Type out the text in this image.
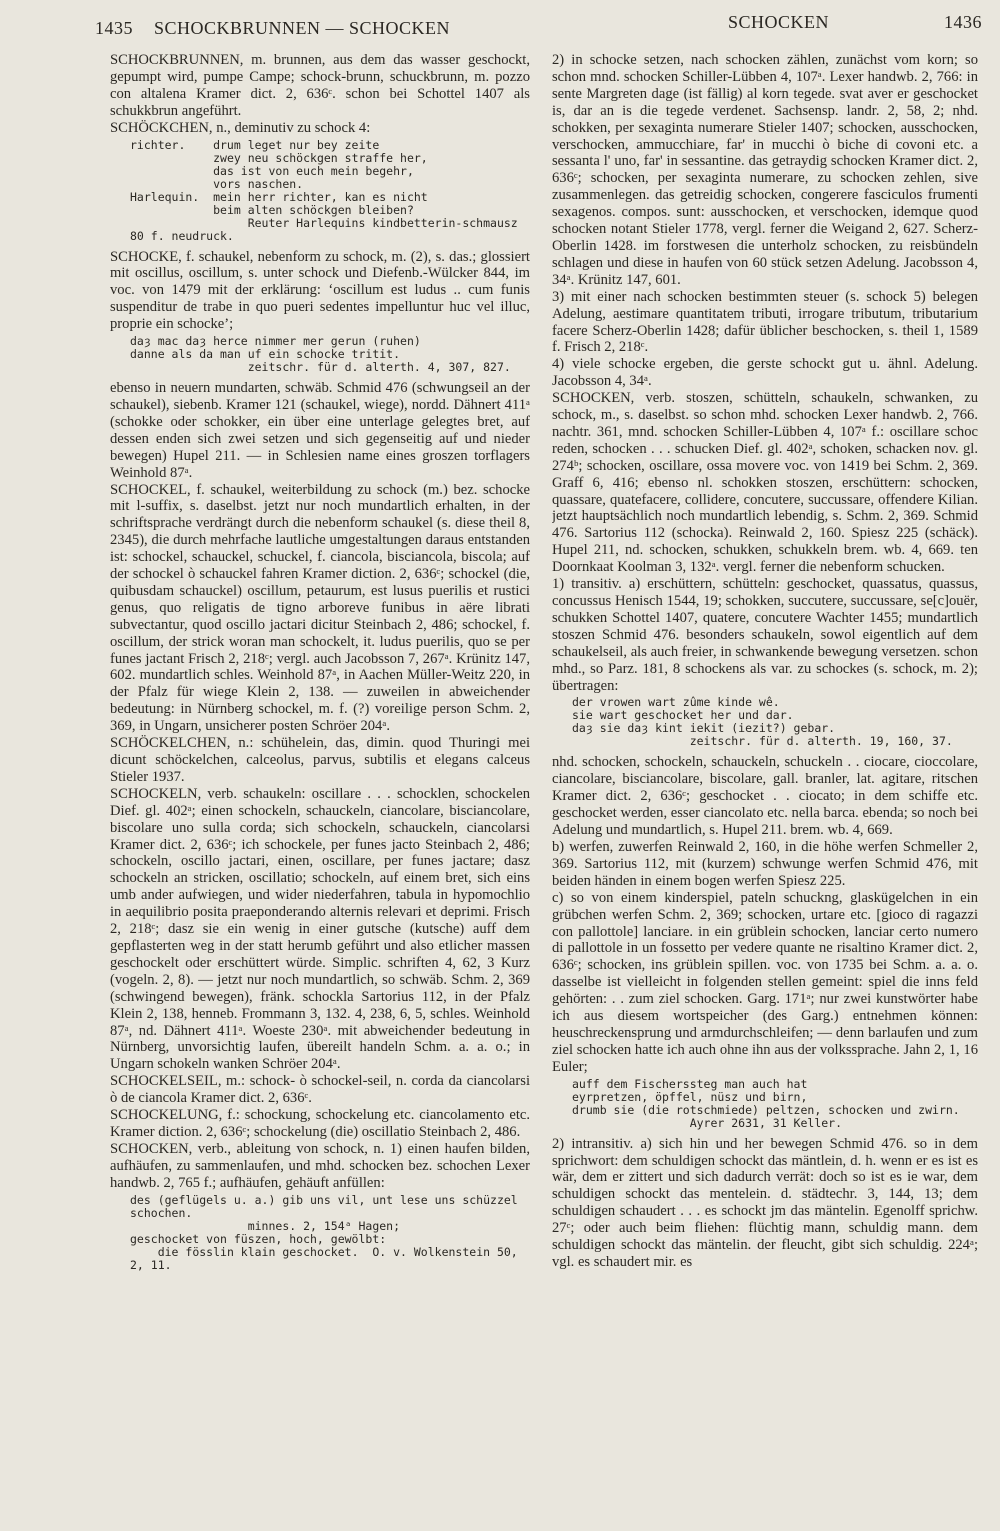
1435 SCHOCKBRUNNEN — SCHOCKEN	SCHOCKEN	1436

SCHOCKBRUNNEN, m. brunnen, aus dem das wasser geschockt, gepumpt wird, pumpe Campe; schock-brunn, schuckbrunn, m. pozzo con altalena Kramer dict. 2, 636ᶜ. schon bei Schottel 1407 als schukkbrun angeführt.

SCHÖCKCHEN, n., deminutiv zu schock 4:

richter.    drum leget nur bey zeite
zwey neu schöckgen straffe her,
das ist von euch mein begehr,
vors naschen.
Harlequin.  mein herr richter, kan es nicht
beim alten schöckgen bleiben?
Reuter Harlequins kindbetterin-schmausz 80 f. neudruck.

SCHOCKE, f. schaukel, nebenform zu schock, m. (2), s. das.; glossiert mit oscillus, oscillum, s. unter schock und Diefenb.-Wülcker 844, im voc. von 1479 mit der erklärung: ‘oscillum est ludus .. cum funis suspenditur de trabe in quo pueri sedentes impelluntur huc vel illuc, proprie ein schocke’;

daȝ mac daȝ herce nimmer mer gerun (ruhen)
danne als da man uf ein schocke tritit.
zeitschr. für d. alterth. 4, 307, 827.

ebenso in neuern mundarten, schwäb. Schmid 476 (schwungseil an der schaukel), siebenb. Kramer 121 (schaukel, wiege), nordd. Dähnert 411ᵃ (schokke oder schokker, ein über eine unterlage gelegtes bret, auf dessen enden sich zwei setzen und sich gegenseitig auf und nieder bewegen) Hupel 211. — in Schlesien name eines groszen torflagers Weinhold 87ᵃ.

SCHOCKEL, f. schaukel, weiterbildung zu schock (m.) bez. schocke mit l-suffix, s. daselbst. jetzt nur noch mundartlich erhalten, in der schriftsprache verdrängt durch die nebenform schaukel (s. diese theil 8, 2345), die durch mehrfache lautliche umgestaltungen daraus entstanden ist: schockel, schauckel, schuckel, f. ciancola, bisciancola, biscola; auf der schockel ò schauckel fahren Kramer diction. 2, 636ᶜ; schockel (die, quibusdam schauckel) oscillum, petaurum, est lusus puerilis et rustici genus, quo religatis de tigno arboreve funibus in aëre librati subvectantur, quod oscillo jactari dicitur Steinbach 2, 486; schockel, f. oscillum, der strick woran man schockelt, it. ludus puerilis, quo se per funes jactant Frisch 2, 218ᶜ; vergl. auch Jacobsson 7, 267ᵃ. Krünitz 147, 602. mundartlich schles. Weinhold 87ᵃ, in Aachen Müller-Weitz 220, in der Pfalz für wiege Klein 2, 138. — zuweilen in abweichender bedeutung: in Nürnberg schockel, m. f. (?) voreilige person Schm. 2, 369, in Ungarn, unsicherer posten Schröer 204ᵃ.

SCHÖCKELCHEN, n.: schühelein, das, dimin. quod Thuringi mei dicunt schöckelchen, calceolus, parvus, subtilis et elegans calceus Stieler 1937.

SCHOCKELN, verb. schaukeln: oscillare . . . schocklen, schockelen Dief. gl. 402ᵃ; einen schockeln, schauckeln, ciancolare, bisciancolare, biscolare uno sulla corda; sich schockeln, schauckeln, ciancolarsi Kramer dict. 2, 636ᶜ; ich schockele, per funes jacto Steinbach 2, 486; schockeln, oscillo jactari, einen, oscillare, per funes jactare; dasz schockeln an stricken, oscillatio; schockeln, auf einem bret, sich eins umb ander aufwiegen, und wider niederfahren, tabula in hypomochlio in aequilibrio posita praeponderando alternis relevari et deprimi. Frisch 2, 218ᶜ; dasz sie ein wenig in einer gutsche (kutsche) auff dem gepflasterten weg in der statt herumb geführt und also etlicher massen geschockelt oder erschüttert würde. Simplic. schriften 4, 62, 3 Kurz (vogeln. 2, 8). — jetzt nur noch mundartlich, so schwäb. Schm. 2, 369 (schwingend bewegen), fränk. schockla Sartorius 112, in der Pfalz Klein 2, 138, henneb. Frommann 3, 132. 4, 238, 6, 5, schles. Weinhold 87ᵃ, nd. Dähnert 411ᵃ. Woeste 230ᵃ. mit abweichender bedeutung in Nürnberg, unvorsichtig laufen, übereilt handeln Schm. a. a. o.; in Ungarn schokeln wanken Schröer 204ᵃ.

SCHOCKELSEIL, m.: schock- ò schockel-seil, n. corda da ciancolarsi ò de ciancola Kramer dict. 2, 636ᶜ.

SCHOCKELUNG, f.: schockung, schockelung etc. ciancolamento etc. Kramer diction. 2, 636ᶜ; schockelung (die) oscillatio Steinbach 2, 486.

SCHOCKEN, verb., ableitung von schock, n. 1) einen haufen bilden, aufhäufen, zu sammenlaufen, und mhd. schocken bez. schochen Lexer handwb. 2, 765 f.; aufhäufen, gehäuft anfüllen:

des (geflügels u. a.) gib uns vil, unt lese uns schüzzel schochen.
minnes. 2, 154ᵃ Hagen;
geschocket von füszen, hoch, gewölbt:
die fösslin klain geschocket.  O. v. Wolkenstein 50, 2, 11.

2) in schocke setzen, nach schocken zählen, zunächst vom korn; so schon mnd. schocken Schiller-Lübben 4, 107ᵃ. Lexer handwb. 2, 766: in sente Margreten dage (ist fällig) al korn tegede. svat aver er geschocket is, dar an is die tegede verdenet. Sachsensp. landr. 2, 58, 2; nhd. schokken, per sexaginta numerare Stieler 1407; schocken, ausschocken, verschocken, ammucchiare, far' in mucchi ò biche di covoni etc. a sessanta l' uno, far' in sessantine. das getraydig schocken Kramer dict. 2, 636ᶜ; schocken, per sexaginta numerare, zu schocken zehlen, sive zusammenlegen. das getreidig schocken, congerere fasciculos frumenti sexagenos. compos. sunt: ausschocken, et verschocken, idemque quod schocken notant Stieler 1778, vergl. ferner die Weigand 2, 627. Scherz-Oberlin 1428. im forstwesen die unterholz schocken, zu reisbündeln schlagen und diese in haufen von 60 stück setzen Adelung. Jacobsson 4, 34ᵃ. Krünitz 147, 601.

3) mit einer nach schocken bestimmten steuer (s. schock 5) belegen Adelung, aestimare quantitatem tributi, irrogare tributum, tributarium facere Scherz-Oberlin 1428; dafür üblicher beschocken, s. theil 1, 1589 f. Frisch 2, 218ᶜ.

4) viele schocke ergeben, die gerste schockt gut u. ähnl. Adelung. Jacobsson 4, 34ᵃ.

SCHOCKEN, verb. stoszen, schütteln, schaukeln, schwanken, zu schock, m., s. daselbst. so schon mhd. schocken Lexer handwb. 2, 766. nachtr. 361, mnd. schocken Schiller-Lübben 4, 107ᵃ f.: oscillare schoc reden, schocken . . . schucken Dief. gl. 402ᵃ, schoken, schacken nov. gl. 274ᵇ; schocken, oscillare, ossa movere voc. von 1419 bei Schm. 2, 369. Graff 6, 416; ebenso nl. schokken stoszen, erschüttern: schocken, quassare, quatefacere, collidere, concutere, succussare, offendere Kilian. jetzt hauptsächlich noch mundartlich lebendig, s. Schm. 2, 369. Schmid 476. Sartorius 112 (schocka). Reinwald 2, 160. Spiesz 225 (schäck). Hupel 211, nd. schocken, schukken, schukkeln brem. wb. 4, 669. ten Doornkaat Koolman 3, 132ᵃ. vergl. ferner die nebenform schucken.

1) transitiv. a) erschüttern, schütteln: geschocket, quassatus, quassus, concussus Henisch 1544, 19; schokken, succutere, succussare, se[c]ouër, schukken Schottel 1407, quatere, concutere Wachter 1455; mundartlich stoszen Schmid 476. besonders schaukeln, sowol eigentlich auf dem schaukelseil, als auch freier, in schwankende bewegung versetzen. schon mhd., so Parz. 181, 8 schockens als var. zu schockes (s. schock, m. 2); übertragen:

der vrowen wart zûme kinde wê.
sie wart geschocket her und dar.
daȝ sie daȝ kint iekit (iezit?) gebar.
zeitschr. für d. alterth. 19, 160, 37.

nhd. schocken, schockeln, schauckeln, schuckeln . . ciocare, cioccolare, ciancolare, bisciancolare, biscolare, gall. branler, lat. agitare, ritschen Kramer dict. 2, 636ᶜ; geschocket . . ciocato; in dem schiffe etc. geschocket werden, esser ciancolato etc. nella barca. ebenda; so noch bei Adelung und mundartlich, s. Hupel 211. brem. wb. 4, 669.

b) werfen, zuwerfen Reinwald 2, 160, in die höhe werfen Schmeller 2, 369. Sartorius 112, mit (kurzem) schwunge werfen Schmid 476, mit beiden händen in einem bogen werfen Spiesz 225.

c) so von einem kinderspiel, pateln schuckng, glaskügelchen in ein grübchen werfen Schm. 2, 369; schocken, urtare etc. [gioco di ragazzi con pallottole] lanciare. in ein grüblein schocken, lanciar certo numero di pallottole in un fossetto per vedere quante ne risaltino Kramer dict. 2, 636ᶜ; schocken, ins grüblein spillen. voc. von 1735 bei Schm. a. a. o. dasselbe ist vielleicht in folgenden stellen gemeint: spiel die inns feld gehörten: . . zum ziel schocken. Garg. 171ᵃ; nur zwei kunstwörter habe ich aus diesem wortspeicher (des Garg.) entnehmen können: heuschreckensprung und armdurchschleifen; — denn barlaufen und zum ziel schocken hatte ich auch ohne ihn aus der volkssprache. Jahn 2, 1, 16 Euler;

auff dem Fischerssteg man auch hat
eyrpretzen, öpffel, nüsz und birn,
drumb sie (die rotschmiede) peltzen, schocken und zwirn.
Ayrer 2631, 31 Keller.

2) intransitiv. a) sich hin und her bewegen Schmid 476. so in dem sprichwort: dem schuldigen schockt das mäntlein, d. h. wenn er es ist es wär, dem er zittert und sich dadurch verrät: doch so ist es ie war, dem schuldigen schockt das mentelein. d. städtechr. 3, 144, 13; dem schuldigen schaudert . . . es schockt jm das mäntelin. Egenolff sprichw. 27ᶜ; oder auch beim fliehen: flüchtig mann, schuldig mann. dem schuldigen schockt das mäntelin. der fleucht, gibt sich schuldig. 224ᵃ; vgl. es schaudert mir. es
